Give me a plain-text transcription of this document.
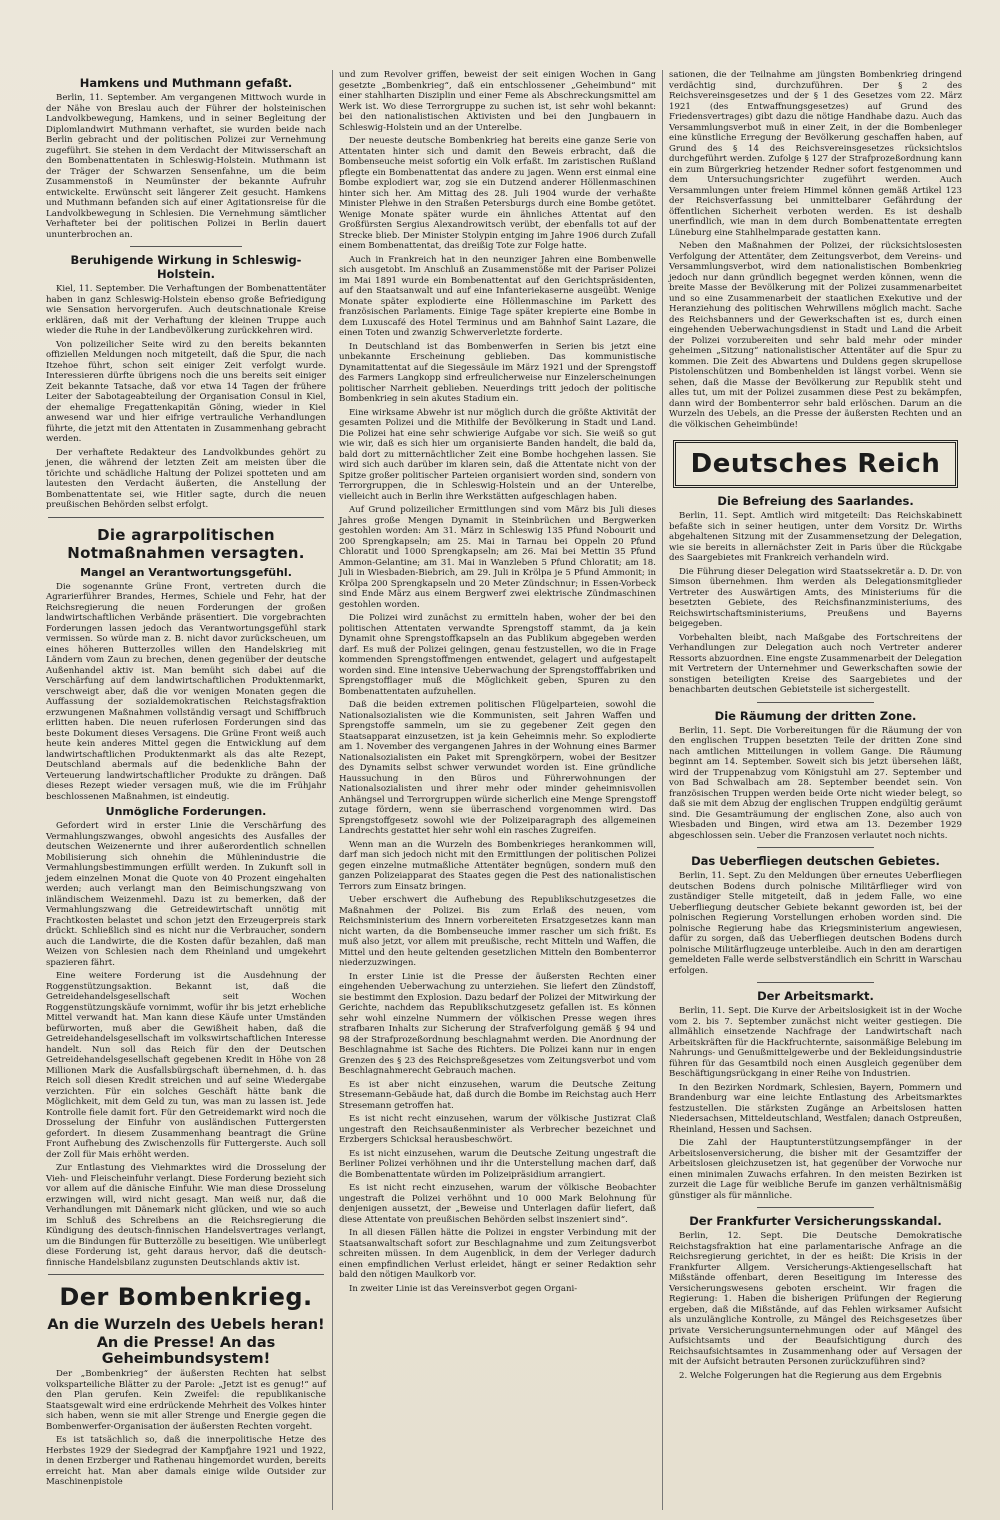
Hamkens und Muthmann gefaßt.

Berlin, 11. September. Am vergangenen Mittwoch wurde in der Nähe von Breslau auch der Führer der holsteinischen Landvolkbewegung, Hamkens, und in seiner Begleitung der Diplomlandwirt Muthmann verhaftet, sie wurden beide nach Berlin gebracht und der politischen Polizei zur Vernehmung zugeführt. Sie stehen in dem Verdacht der Mitwisserschaft an den Bombenattentaten in Schleswig-Holstein. Muthmann ist der Träger der Schwarzen Sensenfahne, um die beim Zusammenstoß in Neumünster der bekannte Aufruhr entwickelte. Erwünscht seit längerer Zeit gesucht. Hamkens und Muthmann befanden sich auf einer Agitationsreise für die Landvolkbewegung in Schlesien. Die Vernehmung sämtlicher Verhafteter bei der politischen Polizei in Berlin dauert ununterbrochen an.

Beruhigende Wirkung in Schleswig-Holstein.

Kiel, 11. September. Die Verhaftungen der Bombenattentäter haben in ganz Schleswig-Holstein ebenso große Befriedigung wie Sensation hervorgerufen. Auch deutschnationale Kreise erklären, daß mit der Verhaftung der kleinen Truppe auch wieder die Ruhe in der Landbevölkerung zurückkehren wird.

Von polizeilicher Seite wird zu den bereits bekannten offiziellen Meldungen noch mitgeteilt, daß die Spur, die nach Itzehoe führt, schon seit einiger Zeit verfolgt wurde. Interessieren dürfte übrigens noch die uns bereits seit einiger Zeit bekannte Tatsache, daß vor etwa 14 Tagen der frühere Leiter der Sabotageabteilung der Organisation Consul in Kiel, der ehemalige Fregattenkapitän Göning, wieder in Kiel anwesend war und hier eifrige vertrauliche Verhandlungen führte, die jetzt mit den Attentaten in Zusammenhang gebracht werden.

Der verhaftete Redakteur des Landvolkbundes gehört zu jenen, die während der letzten Zeit am meisten über die törichte und schädliche Haltung der Polizei spotteten und am lautesten den Verdacht äußerten, die Anstellung der Bombenattentate sei, wie Hitler sagte, durch die neuen preußischen Behörden selbst erfolgt.

Die agrarpolitischen Notmaßnahmen versagten.
Mangel an Verantwortungsgefühl.

Die sogenannte Grüne Front, vertreten durch die Agrarierführer Brandes, Hermes, Schiele und Fehr, hat der Reichsregierung die neuen Forderungen der großen landwirtschaftlichen Verbände präsentiert. Die vorgebrachten Forderungen lassen jedoch das Verantwortungsgefühl stark vermissen. So würde man z. B. nicht davor zurückscheuen, um eines höheren Butterzolles willen den Handelskrieg mit Ländern vom Zaun zu brechen, denen gegenüber der deutsche Außenhandel aktiv ist. Man bemüht sich dabei auf die Verschärfung auf dem landwirtschaftlichen Produktenmarkt, verschweigt aber, daß die vor wenigen Monaten gegen die Auffassung der sozialdemokratischen Reichstagsfraktion erzwungenen Maßnahmen vollständig versagt und Schiffbruch erlitten haben. Die neuen ruferlosen Forderungen sind das beste Dokument dieses Versagens. Die Grüne Front weiß auch heute kein anderes Mittel gegen die Entwicklung auf dem landwirtschaftlichen Produktenmarkt als das alte Rezept, Deutschland abermals auf die bedenkliche Bahn der Verteuerung landwirtschaftlicher Produkte zu drängen. Daß dieses Rezept wieder versagen muß, wie die im Frühjahr beschlossenen Maßnahmen, ist eindeutig.

Unmögliche Forderungen.

Gefordert wird in erster Linie die Verschärfung des Vermahlungszwanges, obwohl angesichts des Ausfalles der deutschen Weizenernte und ihrer außerordentlich schnellen Mobilisierung sich ohnehin die Mühlenindustrie die Vermahlungsbestimmungen erfüllt werden. In Zukunft soll in jedem einzelnen Monat die Quote von 40 Prozent eingehalten werden; auch verlangt man den Beimischungszwang von inländischem Weizenmehl. Dazu ist zu bemerken, daß der Vermahlungszwang die Getreidewirtschaft unnötig mit Frachtkosten belastet und schon jetzt den Erzeugerpreis stark drückt. Schließlich sind es nicht nur die Verbraucher, sondern auch die Landwirte, die die Kosten dafür bezahlen, daß man Weizen von Schlesien nach dem Rheinland und umgekehrt spazieren fährt.

Eine weitere Forderung ist die Ausdehnung der Roggenstützungsaktion. Bekannt ist, daß die Getreidehandelsgesellschaft seit Wochen Roggenstützungskäufe vornimmt, wofür ihr bis jetzt erhebliche Mittel verwandt hat. Man kann diese Käufe unter Umständen befürworten, muß aber die Gewißheit haben, daß die Getreidehandelsgesellschaft im volkswirtschaftlichen Interesse handelt. Nun soll das Reich für den der Deutschen Getreidehandelsgesellschaft gegebenen Kredit in Höhe von 28 Millionen Mark die Ausfallsbürgschaft übernehmen, d. h. das Reich soll diesen Kredit streichen und auf seine Wiedergabe verzichten. Für ein solches Geschäft hätte bank die Möglichkeit, mit dem Geld zu tun, was man zu lassen ist. Jede Kontrolle fiele damit fort. Für den Getreidemarkt wird noch die Drosselung der Einfuhr von ausländischen Futtergersten gefordert. In diesem Zusammenhang beantragt die Grüne Front Aufhebung des Zwischenzolls für Futtergerste. Auch soll der Zoll für Mais erhöht werden.

Zur Entlastung des Viehmarktes wird die Drosselung der Vieh- und Fleischeinfuhr verlangt. Diese Forderung bezieht sich vor allem auf die dänische Einfuhr. Wie man diese Drosselung erzwingen will, wird nicht gesagt. Man weiß nur, daß die Verhandlungen mit Dänemark nicht glücken, und wie so auch im Schluß des Schreibens an die Reichsregierung die Kündigung des deutsch-finnischen Handelsvertrages verlangt, um die Bindungen für Butterzölle zu beseitigen. Wie unüberlegt diese Forderung ist, geht daraus hervor, daß die deutsch-finnische Handelsbilanz zugunsten Deutschlands aktiv ist.

Der Bombenkrieg.
An die Wurzeln des Uebels heran!
An die Presse! An das Geheimbundsystem!

Der „Bombenkrieg“ der äußersten Rechten hat selbst volksparteiliche Blätter zu der Parole: „Jetzt ist es genug!“ auf den Plan gerufen. Kein Zweifel: die republikanische Staatsgewalt wird eine erdrückende Mehrheit des Volkes hinter sich haben, wenn sie mit aller Strenge und Energie gegen die Bombenwerfer-Organisation der äußersten Rechten vorgeht.

Es ist tatsächlich so, daß die innerpolitische Hetze des Herbstes 1929 der Siedegrad der Kampfjahre 1921 und 1922, in denen Erzberger und Rathenau hingemordet wurden, bereits erreicht hat. Man aber damals einige wilde Outsider zur Maschinenpistole

und zum Revolver griffen, beweist der seit einigen Wochen in Gang gesetzte „Bombenkrieg“, daß ein entschlossener „Geheimbund“ mit einer stahlharten Disziplin und einer Feme als Abschreckungsmittel am Werk ist. Wo diese Terrorgruppe zu suchen ist, ist sehr wohl bekannt: bei den nationalistischen Aktivisten und bei den Jungbauern in Schleswig-Holstein und an der Unterelbe.

Der neueste deutsche Bombenkrieg hat bereits eine ganze Serie von Attentaten hinter sich und damit den Beweis erbracht, daß die Bombenseuche meist sofortig ein Volk erfaßt. Im zaristischen Rußland pflegte ein Bombenattentat das andere zu jagen. Wenn erst einmal eine Bombe explodiert war, zog sie ein Dutzend anderer Höllenmaschinen hinter sich her. Am Mittag des 28. Juli 1904 wurde der verhaßte Minister Plehwe in den Straßen Petersburgs durch eine Bombe getötet. Wenige Monate später wurde ein ähnliches Attentat auf den Großfürsten Sergius Alexandrowitsch verübt, der ebenfalls tot auf der Strecke blieb. Der Minister Stolypin entging im Jahre 1906 durch Zufall einem Bombenattentat, das dreißig Tote zur Folge hatte.

Auch in Frankreich hat in den neunziger Jahren eine Bombenwelle sich ausgetobt. Im Anschluß an Zusammenstöße mit der Pariser Polizei im Mai 1891 wurde ein Bombenattentat auf den Gerichtspräsidenten, auf den Staatsanwalt und auf eine Infanteriekaserne ausgeübt. Wenige Monate später explodierte eine Höllenmaschine im Parkett des französischen Parlaments. Einige Tage später krepierte eine Bombe in dem Luxuscafé des Hotel Terminus und am Bahnhof Saint Lazare, die einen Toten und zwanzig Schwerverletzte forderte.

In Deutschland ist das Bombenwerfen in Serien bis jetzt eine unbekannte Erscheinung geblieben. Das kommunistische Dynamitattentat auf die Siegessäule im März 1921 und der Sprengstoff des Farmers Langkopp sind erfreulicherweise nur Einzelerscheinungen politischer Narrheit geblieben. Neuerdings tritt jedoch der politische Bombenkrieg in sein akutes Stadium ein.

Eine wirksame Abwehr ist nur möglich durch die größte Aktivität der gesamten Polizei und die Mithilfe der Bevölkerung in Stadt und Land. Die Polizei hat eine sehr schwierige Aufgabe vor sich. Sie weiß so gut wie wir, daß es sich hier um organisierte Banden handelt, die bald da, bald dort zu mitternächtlicher Zeit eine Bombe hochgehen lassen. Sie wird sich auch darüber im klaren sein, daß die Attentate nicht von der Spitze großer politischer Parteien organisiert worden sind, sondern von Terrorgruppen, die in Schleswig-Holstein und an der Unterelbe, vielleicht auch in Berlin ihre Werkstätten aufgeschlagen haben.

Auf Grund polizeilicher Ermittlungen sind vom März bis Juli dieses Jahres große Mengen Dynamit in Steinbrüchen und Bergwerken gestohlen worden: Am 31. März in Schleswig 135 Pfund Nobourit und 200 Sprengkapseln; am 25. Mai in Tarnau bei Oppeln 20 Pfund Chloratit und 1000 Sprengkapseln; am 26. Mai bei Mettin 35 Pfund Ammon-Gelantine; am 31. Mai in Wanzleben 5 Pfund Chloratit; am 18. Juli in Wiesbaden-Biebrich, am 29. Juli in Krölpa je 5 Pfund Ammonit; in Krölpa 200 Sprengkapseln und 20 Meter Zündschnur; in Essen-Vorbeck sind Ende März aus einem Bergwerf zwei elektrische Zündmaschinen gestohlen worden.

Die Polizei wird zunächst zu ermitteln haben, woher der bei den politischen Attentaten verwandte Sprengstoff stammt, da ja kein Dynamit ohne Sprengstoffkapseln an das Publikum abgegeben werden darf. Es muß der Polizei gelingen, genau festzustellen, wo die in Frage kommenden Sprengstoffmengen entwendet, gelagert und aufgestapelt worden sind. Eine intensive Ueberwachung der Sprengstofffabriken und Sprengstofflager muß die Möglichkeit geben, Spuren zu den Bombenattentaten aufzuhellen.

Daß die beiden extremen politischen Flügelparteien, sowohl die Nationalsozialisten wie die Kommunisten, seit Jahren Waffen und Sprengstoffe sammeln, um sie zu gegebener Zeit gegen den Staatsapparat einzusetzen, ist ja kein Geheimnis mehr. So explodierte am 1. November des vergangenen Jahres in der Wohnung eines Barmer Nationalsozialisten ein Paket mit Sprengkörpern, wobei der Besitzer des Dynamits selbst schwer verwundet worden ist. Eine gründliche Haussuchung in den Büros und Führerwohnungen der Nationalsozialisten und ihrer mehr oder minder geheimnisvollen Anhängsel und Terrorgruppen würde sicherlich eine Menge Sprengstoff zutage fördern, wenn sie überraschend vorgenommen wird. Das Sprengstoffgesetz sowohl wie der Polizeiparagraph des allgemeinen Landrechts gestattet hier sehr wohl ein rasches Zugreifen.

Wenn man an die Wurzeln des Bombenkrieges herankommen will, darf man sich jedoch nicht mit den Ermittlungen der politischen Polizei gegen einzelne mutmaßliche Attentäter begnügen, sondern muß den ganzen Polizeiapparat des Staates gegen die Pest des nationalistischen Terrors zum Einsatz bringen.

Ueber erschwert die Aufhebung des Republikschutzgesetzes die Maßnahmen der Polizei. Bis zum Erlaß des neuen, vom Reichsministerium des Innern vorbereiteten Ersatzgesetzes kann man nicht warten, da die Bombenseuche immer rascher um sich frißt. Es muß also jetzt, vor allem mit preußische, recht Mitteln und Waffen, die Mittel und den heute geltenden gesetzlichen Mitteln den Bombenterror niederzuzwingen.

In erster Linie ist die Presse der äußersten Rechten einer eingehenden Ueberwachung zu unterziehen. Sie liefert den Zündstoff, sie bestimmt den Explosion. Dazu bedarf der Polizei der Mitwirkung der Gerichte, nachdem das Republikschutzgesetz gefallen ist. Es können sehr wohl einzelne Nummern der völkischen Presse wegen ihres strafbaren Inhalts zur Sicherung der Strafverfolgung gemäß § 94 und 98 der Strafprozeßordnung beschlagnahmt werden. Die Anordnung der Beschlagnahme ist Sache des Richters. Die Polizei kann nur in engen Grenzen des § 23 des Reichspreßgesetzes vom Zeitungsverbot und vom Beschlagnahmerecht Gebrauch machen.

Es ist aber nicht einzusehen, warum die Deutsche Zeitung Stresemann-Gebäude hat, daß durch die Bombe im Reichstag auch Herr Stresemann getroffen hat.

Es ist nicht recht einzusehen, warum der völkische Justizrat Claß ungestraft den Reichsaußenminister als Verbrecher bezeichnet und Erzbergers Schicksal herausbeschwört.

Es ist nicht einzusehen, warum die Deutsche Zeitung ungestraft die Berliner Polizei verhöhnen und ihr die Unterstellung machen darf, daß die Bombenattentate würden im Polizeipräsidium arrangiert.

Es ist nicht recht einzusehen, warum der völkische Beobachter ungestraft die Polizei verhöhnt und 10 000 Mark Belohnung für denjenigen aussetzt, der „Beweise und Unterlagen dafür liefert, daß diese Attentate von preußischen Behörden selbst inszeniert sind“.

In all diesen Fällen hätte die Polizei in engster Verbindung mit der Staatsanwaltschaft sofort zur Beschlagnahme und zum Zeitungsverbot schreiten müssen. In dem Augenblick, in dem der Verleger dadurch einen empfindlichen Verlust erleidet, hängt er seiner Redaktion sehr bald den nötigen Maulkorb vor.

In zweiter Linie ist das Vereinsverbot gegen Organi-

sationen, die der Teilnahme am jüngsten Bombenkrieg dringend verdächtig sind, durchzuführen. Der § 2 des Reichsvereinsgesetzes und der § 1 des Gesetzes vom 22. März 1921 (des Entwaffnungsgesetzes) auf Grund des Friedensvertrages) gibt dazu die nötige Handhabe dazu. Auch das Versammlungsverbot muß in einer Zeit, in der die Bombenleger eine künstliche Erregung der Bevölkerung geschaffen haben, auf Grund des § 14 des Reichsvereinsgesetzes rücksichtslos durchgeführt werden. Zufolge § 127 der Strafprozeßordnung kann ein zum Bürgerkrieg hetzender Redner sofort festgenommen und dem Untersuchungsrichter zugeführt werden. Auch Versammlungen unter freiem Himmel können gemäß Artikel 123 der Reichsverfassung bei unmittelbarer Gefährdung der öffentlichen Sicherheit verboten werden. Es ist deshalb unerfindlich, wie man in dem durch Bombenattentate erregten Lüneburg eine Stahlhelmparade gestatten kann.

Neben den Maßnahmen der Polizei, der rücksichtslosesten Verfolgung der Attentäter, dem Zeitungsverbot, dem Vereins- und Versammlungsverbot, wird dem nationalistischen Bombenkrieg jedoch nur dann gründlich begegnet werden können, wenn die breite Masse der Bevölkerung mit der Polizei zusammenarbeitet und so eine Zusammenarbeit der staatlichen Exekutive und der Heranziehung des politischen Wehrwillens möglich macht. Sache des Reichsbanners und der Gewerkschaften ist es, durch einen eingehenden Ueberwachungsdienst in Stadt und Land die Arbeit der Polizei vorzubereiten und sehr bald mehr oder minder geheimen „Sitzung“ nationalistischer Attentäter auf die Spur zu kommen. Die Zeit des Abwartens und Duldens gegen skrupellose Pistolenschützen und Bombenhelden ist längst vorbei. Wenn sie sehen, daß die Masse der Bevölkerung zur Republik steht und alles tut, um mit der Polizei zusammen diese Pest zu bekämpfen, dann wird der Bombenterror sehr bald erlöschen. Darum an die Wurzeln des Uebels, an die Presse der äußersten Rechten und an die völkischen Geheimbünde!

Deutsches Reich
Die Befreiung des Saarlandes.

Berlin, 11. Sept. Amtlich wird mitgeteilt: Das Reichskabinett befaßte sich in seiner heutigen, unter dem Vorsitz Dr. Wirths abgehaltenen Sitzung mit der Zusammensetzung der Delegation, wie sie bereits in allernächster Zeit in Paris über die Rückgabe des Saargebietes mit Frankreich verhandeln wird.

Die Führung dieser Delegation wird Staatssekretär a. D. Dr. von Simson übernehmen. Ihm werden als Delegationsmitglieder Vertreter des Auswärtigen Amts, des Ministeriums für die besetzten Gebiete, des Reichsfinanzministeriums, des Reichswirtschaftsministeriums, Preußens und Bayerns beigegeben.

Vorbehalten bleibt, nach Maßgabe des Fortschreitens der Verhandlungen zur Delegation auch noch Vertreter anderer Ressorts abzuordnen. Eine engste Zusammenarbeit der Delegation mit Vertretern der Unternehmer und Gewerkschaften sowie der sonstigen beteiligten Kreise des Saargebietes und der benachbarten deutschen Gebietsteile ist sichergestellt.

Die Räumung der dritten Zone.

Berlin, 11. Sept. Die Vorbereitungen für die Räumung der von den englischen Truppen besetzten Teile der dritten Zone sind nach amtlichen Mitteilungen in vollem Gange. Die Räumung beginnt am 14. September. Soweit sich bis jetzt übersehen läßt, wird der Truppenabzug vom Königstuhl am 27. September und von Bad Schwalbach am 28. September beendet sein. Von französischen Truppen werden beide Orte nicht wieder belegt, so daß sie mit dem Abzug der englischen Truppen endgültig geräumt sind. Die Gesamträumung der englischen Zone, also auch von Wiesbaden und Bingen, wird etwa am 13. Dezember 1929 abgeschlossen sein. Ueber die Franzosen verlautet noch nichts.

Das Ueberfliegen deutschen Gebietes.

Berlin, 11. Sept. Zu den Meldungen über erneutes Ueberfliegen deutschen Bodens durch polnische Militärflieger wird von zuständiger Stelle mitgeteilt, daß in jedem Falle, wo eine Ueberfliegung deutscher Gebiete bekannt geworden ist, bei der polnischen Regierung Vorstellungen erhoben worden sind. Die polnische Regierung habe das Kriegsministerium angewiesen, dafür zu sorgen, daß das Ueberfliegen deutschen Bodens durch polnische Militärflugzeuge unterbleibe. Auch in den am derartigen gemeldeten Falle werde selbstverständlich ein Schritt in Warschau erfolgen.

Der Arbeitsmarkt.

Berlin, 11. Sept. Die Kurve der Arbeitslosigkeit ist in der Woche vom 2. bis 7. September zunächst nicht weiter gestiegen. Die allmählich einsetzende Nachfrage der Landwirtschaft nach Arbeitskräften für die Hackfruchternte, saisonmäßige Belebung im Nahrungs- und Genußmittelgewerbe und der Bekleidungsindustrie führen für das Gesamtbild noch einen Ausgleich gegenüber dem Beschäftigungsrückgang in einer Reihe von Industrien.

In den Bezirken Nordmark, Schlesien, Bayern, Pommern und Brandenburg war eine leichte Entlastung des Arbeitsmarktes festzustellen. Die stärksten Zugänge an Arbeitslosen hatten Niedersachsen, Mitteldeutschland, Westfalen; danach Ostpreußen, Rheinland, Hessen und Sachsen.

Die Zahl der Hauptunterstützungsempfänger in der Arbeitslosenversicherung, die bisher mit der Gesamtziffer der Arbeitslosen gleichzusetzen ist, hat gegenüber der Vorwoche nur einen minimalen Zuwachs erfahren. In den meisten Bezirken ist zurzeit die Lage für weibliche Berufe im ganzen verhältnismäßig günstiger als für männliche.

Der Frankfurter Versicherungsskandal.

Berlin, 12. Sept. Die Deutsche Demokratische Reichstagsfraktion hat eine parlamentarische Anfrage an die Reichsregierung gerichtet, in der es heißt: Die Krisis in der Frankfurter Allgem. Versicherungs-Aktiengesellschaft hat Mißstände offenbart, deren Beseitigung im Interesse des Versicherungswesens geboten erscheint. Wir fragen die Regierung: 1. Haben die bisherigen Prüfungen der Regierung ergeben, daß die Mißstände, auf das Fehlen wirksamer Aufsicht als unzulängliche Kontrolle, zu Mängel des Reichsgesetzes über private Versicherungsunternehmungen oder auf Mängel des Aufsichtsamts und der Beaufsichtigung durch des Reichsaufsichtsamtes in Zusammenhang oder auf Versagen der mit der Aufsicht betrauten Personen zurückzuführen sind?

2. Welche Folgerungen hat die Regierung aus dem Ergebnis
